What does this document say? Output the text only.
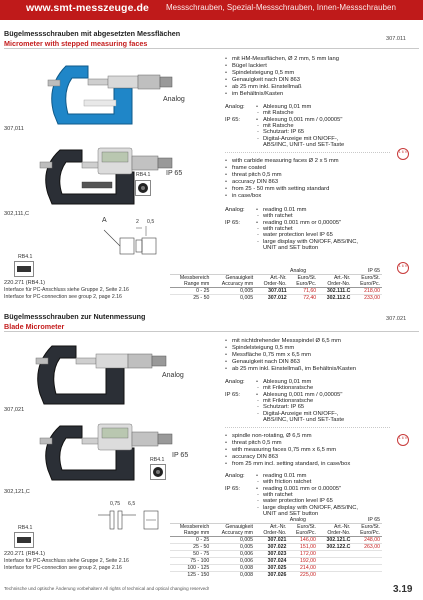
www.smt-messzeuge.de Messschrauben, Spezial-Messschrauben, Innen-Messschrauben
Bügelmessschrauben mit abgesetzten Messflächen
Micrometer with stepped measuring faces	307.011
Analog
307,011
IP 65
RB4.1
302,111,C
A	2 0,5
RB4.1
220.271 (RB4.1)
Interface für PC-Anschluss siehe Gruppe 2, Seite 2.16
Interface for PC-connection see group 2, page 2.16
• mit HM-Messflächen, Ø 2 mm, 5 mm lang
• Bügel lackiert
• Spindelsteigung 0,5 mm
• Genauigkeit nach DIN 863
• ab 25 mm inkl. Einstellmaß
• im Behältnis/Kasten
Analog:	• Ablesung 0,01 mm
- mit Ratsche
IP 65:	• Ablesung 0,001 mm / 0,00005"
- mit Ratsche
- Schutzart: IP 65
- Digital-Anzeige mit ON/OFF-,
ABS/INC, UNIT- und SET-Taste
1 6 V
• with carbide measuring faces Ø 2 x 5 mm
• frame coated
• threat pitch 0,5 mm
• accuracy DIN 863
• from 25 - 50 mm with setting standard
• in case/box
Analog:	• reading 0.01 mm
- with ratchet
IP 65:	• reading 0.001 mm or 0,00005"
- with ratchet
- water protection level IP 65
- large display with ON/OFF, ABS/INC,
UNIT and SET button
1 6 V
Analog				IP 65	
Messbereich
Range mm	Genauigkeit
Accuracy mm	Art.-Nr.
Order-No.	Euro/St.
Euro/Pc.	Art.-Nr.
Order-No.	Euro/St.
Euro/Pc.
0 - 25	0,005	307.011	71,60	302.111.C	218,00
25 - 50	0,005	307.012	72,40	302.112.C	233,00
Bügelmessschrauben zur Nutenmessung
Blade Micrometer
307.021
Analog
307,021
IP 65
RB4.1
302,121,C
0,75 6,5
RB4.1
220.271 (RB4.1)
Interface für PC-Anschluss siehe Gruppe 2, Seite 2.16
Interface for PC-connection see group 2, page 2.16
• mit nichtdrehender Messspindel Ø 6,5 mm
• Spindelsteigung 0,5 mm
• Messfläche 0,75 mm x 6,5 mm
• Genauigkeit nach DIN 863
• ab 25 mm inkl. Einstellmaß, im Behältnis/Kasten
Analog:	• Ablesung 0,01 mm
- mit Friktionsratsche
IP 65:	• Ablesung 0,001 mm / 0,00005"
- mit Friktionsratsche
- Schutzart: IP 65
- Digital-Anzeige mit ON/OFF-,
ABS/INC, UNIT- und SET-Taste
1 6 V
• spindle non-rotating, Ø 6,5 mm
• threat pitch 0,5 mm
• with measuring faces 0,75 mm x 6,5 mm
• accuracy DIN 863
• from 25 mm incl. setting standard, in case/box
Analog:	• reading 0.01 mm
- with friction ratchet
IP 65:	• reading 0.001 mm or 0.00005"
- with ratchet
- water protection level IP 65
- large display with ON/OFF, ABS/INC,
UNIT and SET button
Analog				IP 65	
Messbereich
Range mm	Genauigkeit
Accuracy mm	Art.-Nr.
Order-No.	Euro/St.
Euro/Pc.	Art.-Nr.
Order-No.	Euro/St.
Euro/Pc.
0 - 25	0,005	307.021	146,00	302.121.C	248,00
25 - 50	0,005	307.022	151,00	302.122.C	263,00
50 - 75	0,006	307.023	172,00		
75 - 100	0,006	307.024	192,00		
100 - 125	0,008	307.025	214,00		
125 - 150	0,008	307.026	225,00		
Technische und optische Änderung vorbehalten! All rights of technical and optical changing reserved!	3.19
